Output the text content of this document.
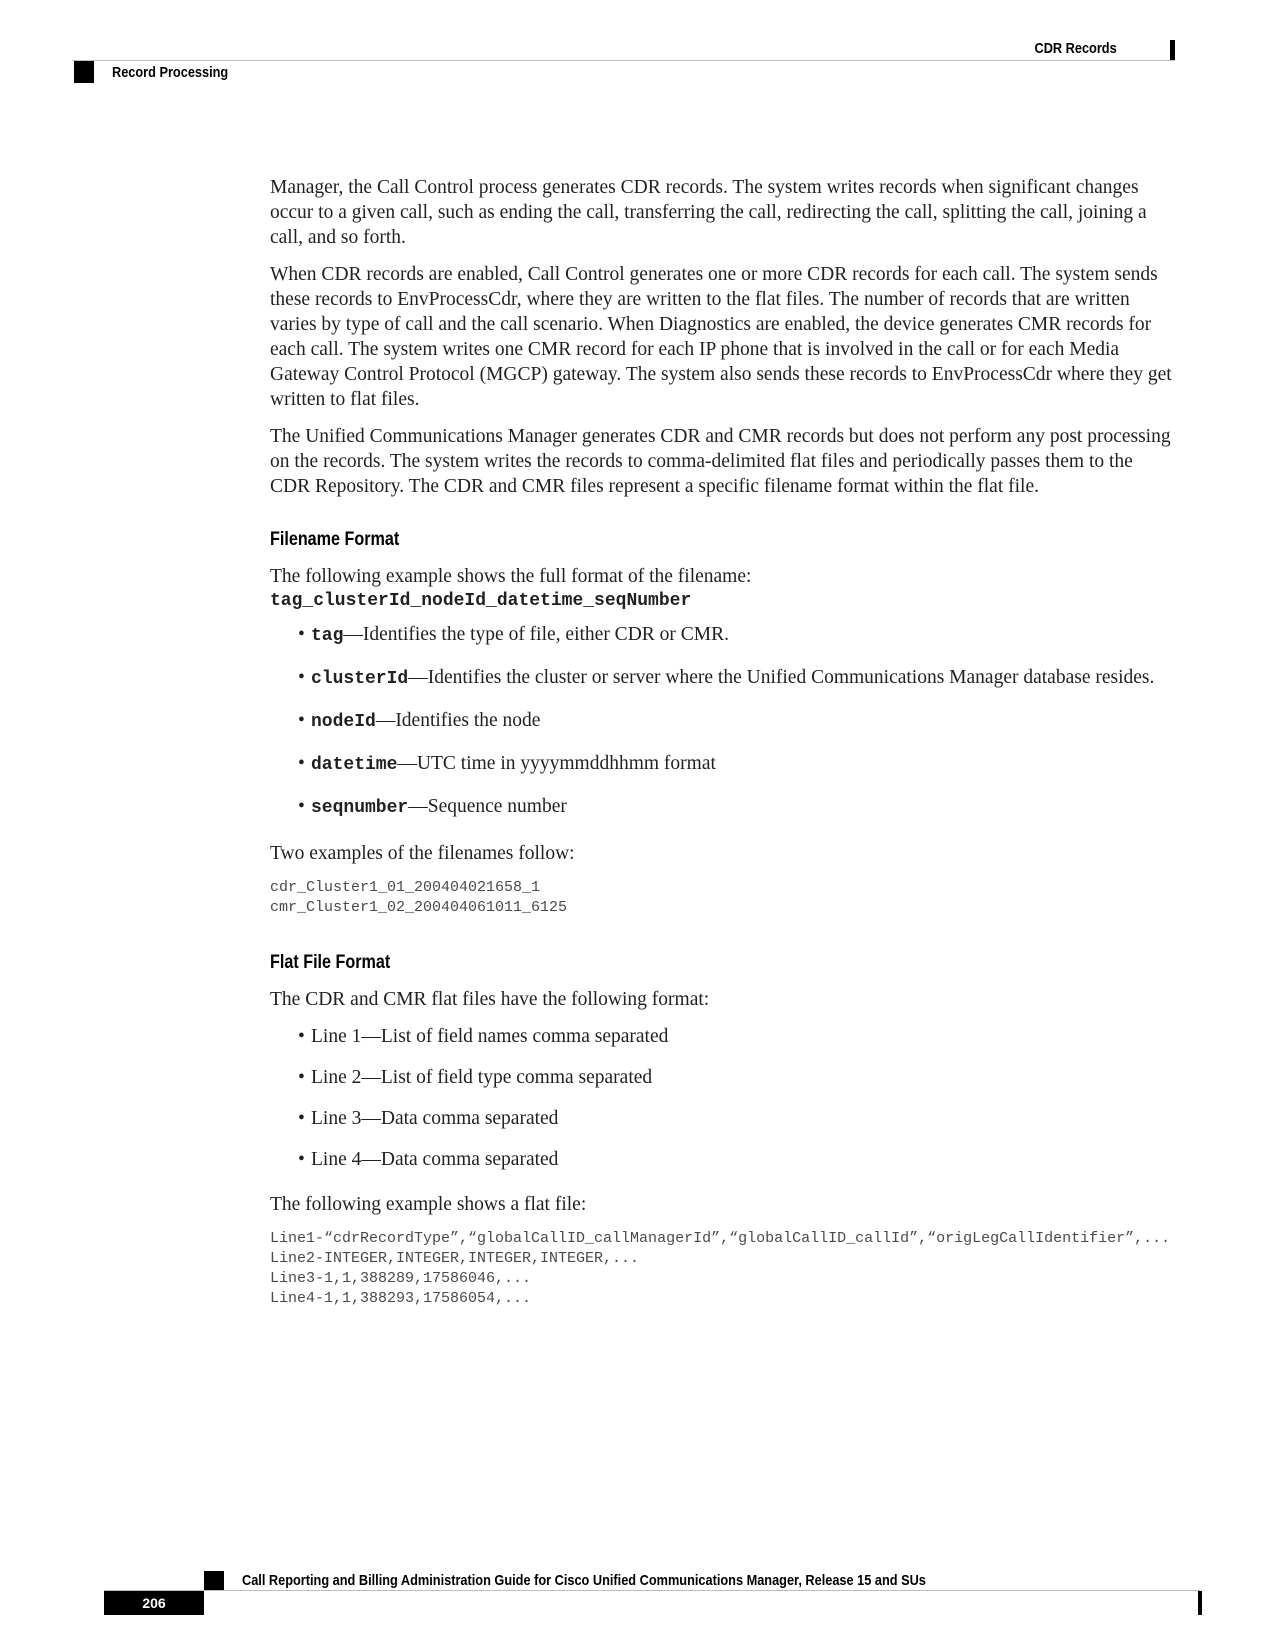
CDR Records
Record Processing

Manager, the Call Control process generates CDR records. The system writes records when significant changes occur to a given call, such as ending the call, transferring the call, redirecting the call, splitting the call, joining a call, and so forth.

When CDR records are enabled, Call Control generates one or more CDR records for each call. The system sends these records to EnvProcessCdr, where they are written to the flat files. The number of records that are written varies by type of call and the call scenario. When Diagnostics are enabled, the device generates CMR records for each call. The system writes one CMR record for each IP phone that is involved in the call or for each Media Gateway Control Protocol (MGCP) gateway. The system also sends these records to EnvProcessCdr where they get written to flat files.

The Unified Communications Manager generates CDR and CMR records but does not perform any post processing on the records. The system writes the records to comma-delimited flat files and periodically passes them to the CDR Repository. The CDR and CMR files represent a specific filename format within the flat file.

Filename Format

The following example shows the full format of the filename:
tag_clusterId_nodeId_datetime_seqNumber

• tag—Identifies the type of file, either CDR or CMR.
• clusterId—Identifies the cluster or server where the Unified Communications Manager database resides.
• nodeId—Identifies the node
• datetime—UTC time in yyyymmddhhmm format
• seqnumber—Sequence number

Two examples of the filenames follow:

cdr_Cluster1_01_200404021658_1
cmr_Cluster1_02_200404061011_6125
Flat File Format

The CDR and CMR flat files have the following format:

• Line 1—List of field names comma separated
• Line 2—List of field type comma separated
• Line 3—Data comma separated
• Line 4—Data comma separated

The following example shows a flat file:

Line1-“cdrRecordType”,“globalCallID_callManagerId”,“globalCallID_callId”,“origLegCallIdentifier”,...
Line2-INTEGER,INTEGER,INTEGER,INTEGER,...
Line3-1,1,388289,17586046,...
Line4-1,1,388293,17586054,...
Call Reporting and Billing Administration Guide for Cisco Unified Communications Manager, Release 15 and SUs
206
